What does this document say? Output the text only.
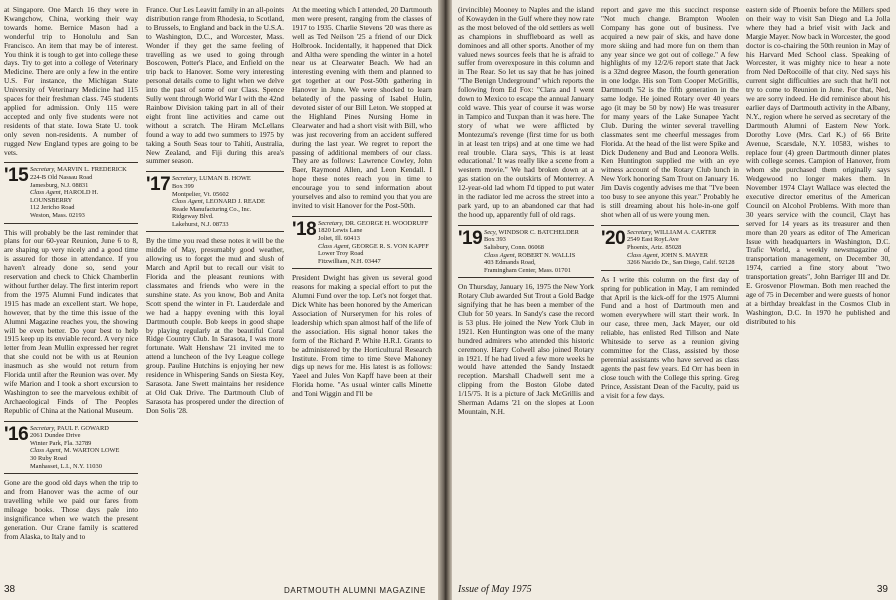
at Singapore. One March 16 they were in Kwangchow, China, working their way towards home. Bernice Mason had a wonderful trip to Honolulu and San Francisco. An item that may be of interest. You think it is tough to get into college these days. Try to get into a college of Veterinary Medicine. There are only a few in the entire U.S. For instance, the Michigan State University of Veterinary Medicine had 115 spaces for their freshman class. 745 students applied for admission. Only 115 were accepted and only five students were not residents of that state. Iowa State U. took only seven non-residents. A number of rugged New England types are going to be vets.

'15 Secretary, MARVIN L. FREDERICK
224-B Old Nassau Road
Jamesburg, N.J. 08831
Class Agent, HAROLD H. LOUNSBERRY
112 Jericho Road
Weston, Mass. 02193

This will probably be the last reminder that plans for our 60-year Reunion, June 6 to 8, are shaping up very nicely and a good time is assured for those in attendance. If you haven't already done so, send your reservation and check to Chick Chamberlin without further delay. The first interim report from the 1975 Alumni Fund indicates that 1915 has made an excellent start. We hope, however, that by the time this issue of the Alumni Magazine reaches you, the showing will be even better. Do your best to help 1915 keep up its enviable record. A very nice letter from Jean Mullin expressed her regret that she could not be with us at Reunion inasmuch as she would not return from Florida until after the Reunion was over. My wife Marion and I took a short excursion to Washington to see the marvelous exhibit of Archaeological Finds of The Peoples Republic of China at the National Museum.

'16 Secretary, PAUL F. GOWARD
2061 Dundee Drive
Winter Park, Fla. 32789
Class Agent, M. WARTON LOWE
30 Ruby Road
Manhasset, L.I., N.Y. 11030

Gone are the good old days when the trip to and from Hanover was the acme of our travelling while we paid our fares from mileage books. Those days pale into insignificance when we watch the present generation. Our Crane family is scattered from Alaska, to Italy and to

France. Our Les Leavitt family in an all-points distribution range from Rhodesia, to Scotland, to Brussels, to England and back in the U.S.A. to Washington, D.C., and Worcester, Mass. Wonder if they get the same feeling of travelling as we used to going through Boscowen, Potter's Place, and Enfield on the trip back to Hanover. Some very interesting personal details come to light when we delve into the past of some of our Class. Spence Sully went through World War I with the 42nd Rainbow Division taking part in all of their eight front line activities and came out without a scratch. The Hiram McLellans found a way to add two summers to 1975 by taking a South Seas tour to Tahiti, Australia, New Zealand, and Fiji during this area's summer season.

'17 Secretary, LUMAN B. HOWE
Box 399
Montpelier, Vt. 05602
Class Agent, LEONARD J. READE
Reade Manufacturing Co., Inc.
Ridgeway Blvd.
Lakehurst, N.J. 08733

By the time you read these notes it will be the middle of May, presumably good weather, allowing us to forget the mud and slush of March and April but to recall our visit to Florida and the pleasant reunions with classmates and friends who were in the sunshine state. As you know, Bob and Anita Scott spend the winter in Ft. Lauderdale and we had a happy evening with this loyal Dartmouth couple. Bob keeps in good shape by playing regularly at the beautiful Coral Ridge Country Club. In Sarasota, I was more fortunate. Walt Henshaw '21 invited me to attend a luncheon of the Ivy League college group. Pauline Hutchins is enjoying her new residence in Whispering Sands on Siesta Key, Sarasota. Jane Swett maintains her residence at Old Oak Drive. The Dartmouth Club of Sarasota has prospered under the direction of Don Solis '28.

At the meeting which I attended, 20 Dartmouth men were present, ranging from the classes of 1917 to 1935. Charlie Stevens '20 was there as well as Ted Neilson '25 a friend of our Dick Holbrook. Incidentally, it happened that Dick and Altha were spending the winter in a hotel near us at Clearwater Beach. We had an interesting evening with them and planned to get together at our Post-50th gathering in Hanover in June. We were shocked to learn belatedly of the passing of Isabel Hulin, devoted sister of our Bill Leton. We stopped at the Highland Pines Nursing Home in Clearwater and had a short visit with Bill, who was just recovering from an accident suffered during the last year. We regret to report the passing of additional members of our class. They are as follows: Lawrence Cowley, John Baer, Raymond Allen, and Leon Kendall. I hope these notes reach you in time to encourage you to send information about yourselves and also to remind you that you are invited to visit Hanover for the Post-50th.

'18 Secretary, DR. GEORGE H. WOODRUFF
1820 Lewis Lane
Joliet, Ill. 60413
Class Agent, GEORGE R. S. VON KAPFF
Lower Troy Road
Fitzwilliam, N.H. 03447

President Dwight has given us several good reasons for making a special effort to put the Alumni Fund over the top. Let's not forget that. Dick White has been honored by the American Association of Nurserymen for his roles of leadership which span almost half of the life of the association. His signal honor takes the form of the Richard P. White H.R.I. Grants to be administered by the Horticultural Research Institute. From time to time Steve Mahoney digs up news for me. His latest is as follows: Yaeel and Jules Von Kapff have been at their Florida home. "As usual winter calls Minette and Toni Wiggin and I'll be

38	DARTMOUTH ALUMNI MAGAZINE

(irvincible) Mooney to Naples and the island of Kowayden in the Gulf where they now rate as the most beloved of the old settlers as well as champions in shuffleboard as well as dominoes and all other sports. Another of my valued news sources feels that he is afraid to suffer from overexposure in this column and in The Rear. So let us say that he has joined "The Benign Underground" which reports the following from Ed Fox: "Clara and I went down to Mexico to escape the annual January cold wave. This year of course it was worse in Tampico and Tuxpan than it was here. The story of what we were afflicted by Montezuma's revenge (first time for us both in at least ten trips) and at one time we had real trouble. Clara says, 'This is at least educational.' It was really like a scene from a western movie." We had broken down at a gas station on the outskirts of Monterrey. A 12-year-old lad whom I'd tipped to put water in the radiator led me across the street into a park yard, up to an abandoned car that had the hood up, apparently full of old rags.

'19 Secy, WINDSOR C. BATCHELDER
Box 393
Salisbury, Conn. 06068
Class Agent, ROBERT N. WALLIS
403 Edmands Road,
Framingham Center, Mass. 01701

On Thursday, January 16, 1975 the New York Rotary Club awarded Sut Trout a Gold Badge signifying that he has been a member of the Club for 50 years. In Sandy's case the record is 53 plus. He joined the New York Club in 1921. Ken Huntington was one of the many hundred admirers who attended this historic ceremony. Harry Colwell also joined Rotary in 1921. If he had lived a few more weeks he would have attended the Sandy Instaedt reception. Marshall Chadwell sent me a clipping from the Boston Globe dated 1/15/75. It is a picture of Jack McGrillis and Sherman Adams '21 on the slopes at Loon Mountain, N.H.

report and gave me this succinct response "Not much change. Brampton Woolen Company has gone out of business. I've acquired a new pair of skis, and have done more skiing and had more fun on them than any year since we got out of college." A few highlights of my 12/2/6 report state that Jack is a 32nd degree Mason, the fourth generation in one lodge. His son Tom Cooper McGrillis, Dartmouth '52 is the fifth generation in the same lodge. He joined Rotary over 40 years ago (it may be 50 by now) He was treasurer for many years of the Lake Sunapee Yacht Club. During the winter several travelling classmates sent me cheerful messages from Florida. At the head of the list were Spike and Dick Dudeneny and Bud and Leonora Wells. Ken Huntington supplied me with an eye witness account of the Rotary Club lunch in New York honoring Sam Trout on January 16. Jim Davis cogently advises me that "I've been too busy to see anyone this year." Probably he is still dreaming about his hole-in-one golf shot when all of us were young men.

'20 Secretary, WILLIAM A. CARTER
2549 East RoyLAve
Phoenix, Ariz. 85028
Class Agent, JOHN S. MAYER
3266 Nacido Dr., San Diego, Calif. 92128

As I write this column on the first day of spring for publication in May, I am reminded that April is the kick-off for the 1975 Alumni Fund and a host of Dartmouth men and women everywhere will start their work. In our case, three men, Jack Mayer, our old reliable, has enlisted Red Tillson and Nate Whiteside to serve as a reunion giving committee for the Class, assisted by those perennial assistants who have served as class agents the past few years. Ed Orr has been in close touch with the College this spring. Greg Prince, Assistant Dean of the Faculty, paid us a visit for a few days.

eastern side of Phoenix before the Millers sped on their way to visit San Diego and La Jolla where they had a brief visit with Jack and Margie Mayer. Now back in Worcester, the good doctor is co-chairing the 50th reunion in May of his Harvard Med School class. Speaking of Worcester, it was mighty nice to hear a note from Ned DeRocoille of that city. Ned says his current sight difficulties are such that he'll not try to come to Reunion in June. For that, Ned, we are sorry indeed. He did reminisce about his earlier days of Dartmouth activity in the Albany, N.Y., region where he served as secretary of the Dartmouth Alumni of Eastern New York. Dorothy Love (Mrs. Carl K.) of 66 Brite Avenue, Scarsdale, N.Y. 10583, wishes to replace four (4) green Dartmouth dinner plates with college scenes. Campion of Hanover, from whom she purchased them originally says Wedgewood no longer makes them. In November 1974 Clayt Wallace was elected the executive director emeritus of the American Council on Alcohol Problems. With more than 30 years service with the council, Clayt has served for 14 years as its treasurer and then more than 20 years as editor of The American Issue with headquarters in Washington, D.C. Trafic World, a weekly newsmagazine of transportation management, on December 30, 1974, carried a fine story about "two transportation greats", John Barriger III and Dr. E. Grosvenor Plowman. Both men reached the age of 75 in December and were guests of honor at a birthday breakfast in the Cosmos Club in Washington, D.C. In 1970 he published and distributed to his

Issue of May 1975	39
